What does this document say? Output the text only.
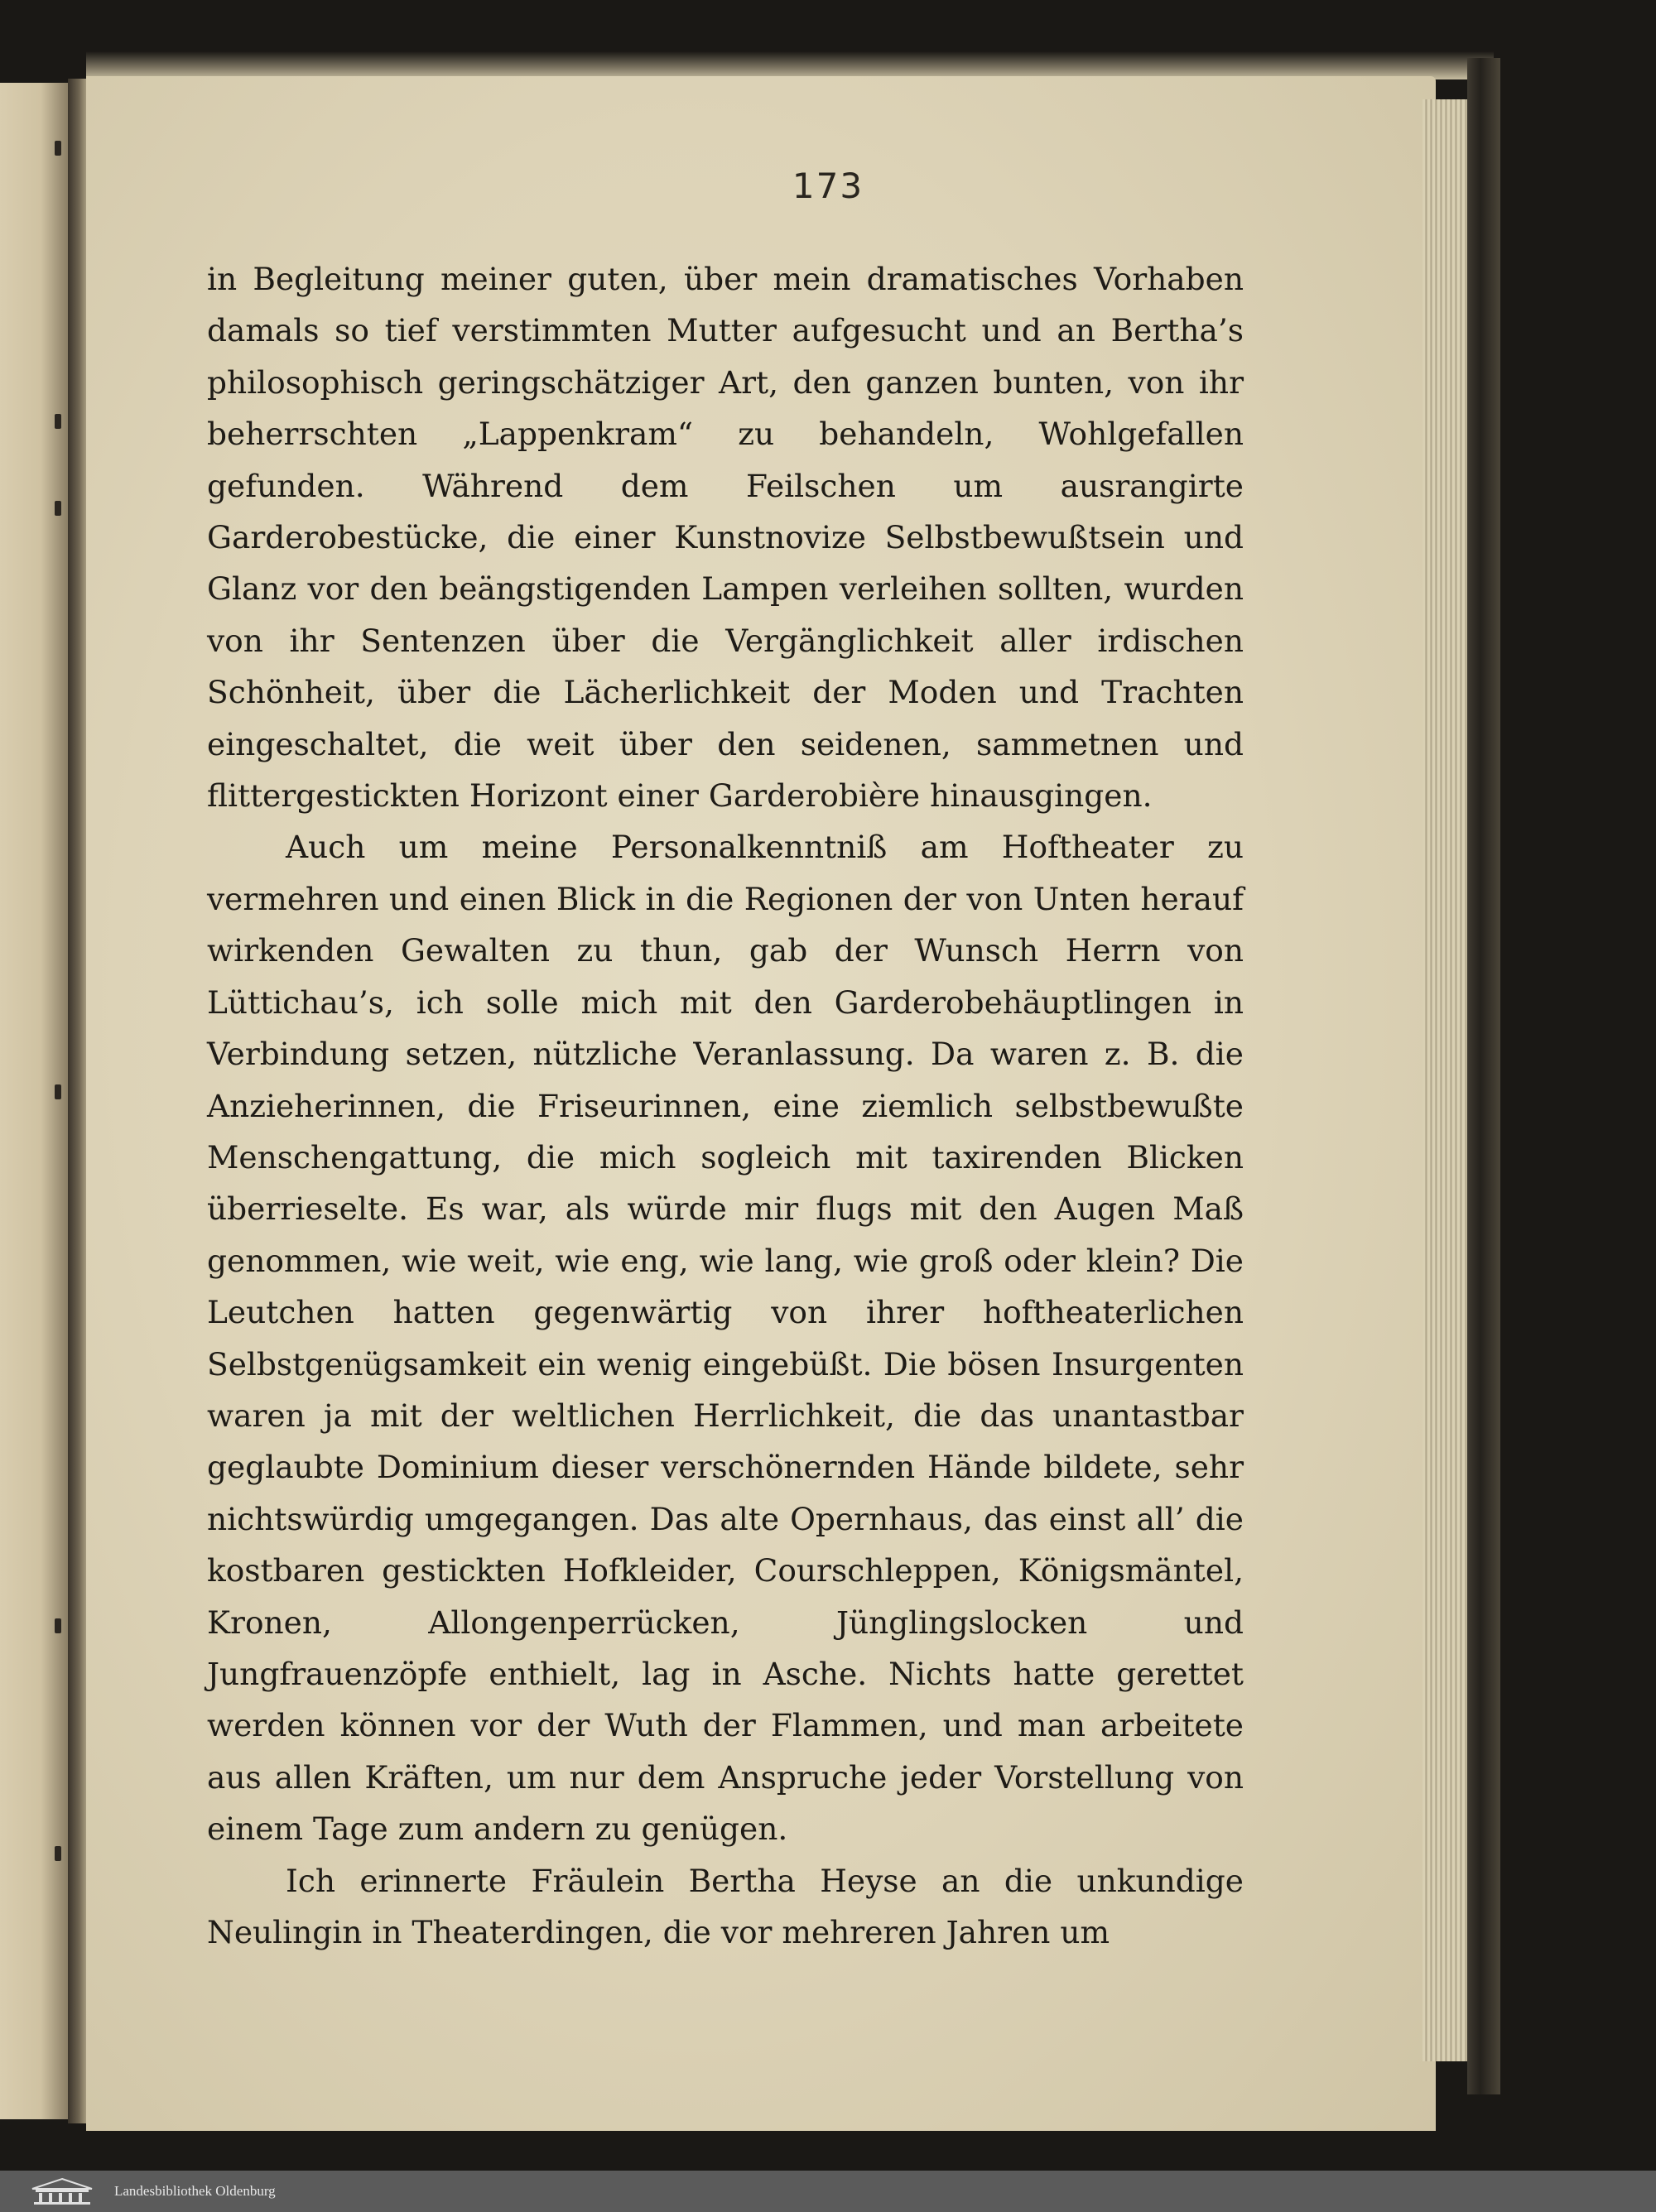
173

in Begleitung meiner guten, über mein dramatisches Vorhaben damals so tief verstimmten Mutter aufgesucht und an Bertha’s philosophisch geringschätziger Art, den ganzen bunten, von ihr beherrschten „Lappenkram“ zu behandeln, Wohlgefallen gefunden. Während dem Feilschen um ausrangirte Garderobestücke, die einer Kunstnovize Selbstbewußtsein und Glanz vor den beängstigenden Lampen verleihen sollten, wurden von ihr Sentenzen über die Vergänglichkeit aller irdischen Schönheit, über die Lächerlichkeit der Moden und Trachten eingeschaltet, die weit über den seidenen, sammetnen und flittergestickten Horizont einer Garderobière hinausgingen.

Auch um meine Personalkenntniß am Hoftheater zu vermehren und einen Blick in die Regionen der von Unten herauf wirkenden Gewalten zu thun, gab der Wunsch Herrn von Lüttichau’s, ich solle mich mit den Garderobehäuptlingen in Verbindung setzen, nützliche Veranlassung. Da waren z. B. die Anzieherinnen, die Friseurinnen, eine ziemlich selbstbewußte Menschengattung, die mich sogleich mit taxirenden Blicken überrieselte. Es war, als würde mir flugs mit den Augen Maß genommen, wie weit, wie eng, wie lang, wie groß oder klein? Die Leutchen hatten gegenwärtig von ihrer hoftheaterlichen Selbstgenügsamkeit ein wenig eingebüßt. Die bösen Insurgenten waren ja mit der weltlichen Herrlichkeit, die das unantastbar geglaubte Dominium dieser verschönernden Hände bildete, sehr nichtswürdig umgegangen. Das alte Opernhaus, das einst all’ die kostbaren gestickten Hofkleider, Courschleppen, Königsmäntel, Kronen, Allongenperrücken, Jünglingslocken und Jungfrauenzöpfe enthielt, lag in Asche. Nichts hatte gerettet werden können vor der Wuth der Flammen, und man arbeitete aus allen Kräften, um nur dem Anspruche jeder Vorstellung von einem Tage zum andern zu genügen.

Ich erinnerte Fräulein Bertha Heyse an die unkundige Neulingin in Theaterdingen, die vor mehreren Jahren um

Landesbibliothek Oldenburg
